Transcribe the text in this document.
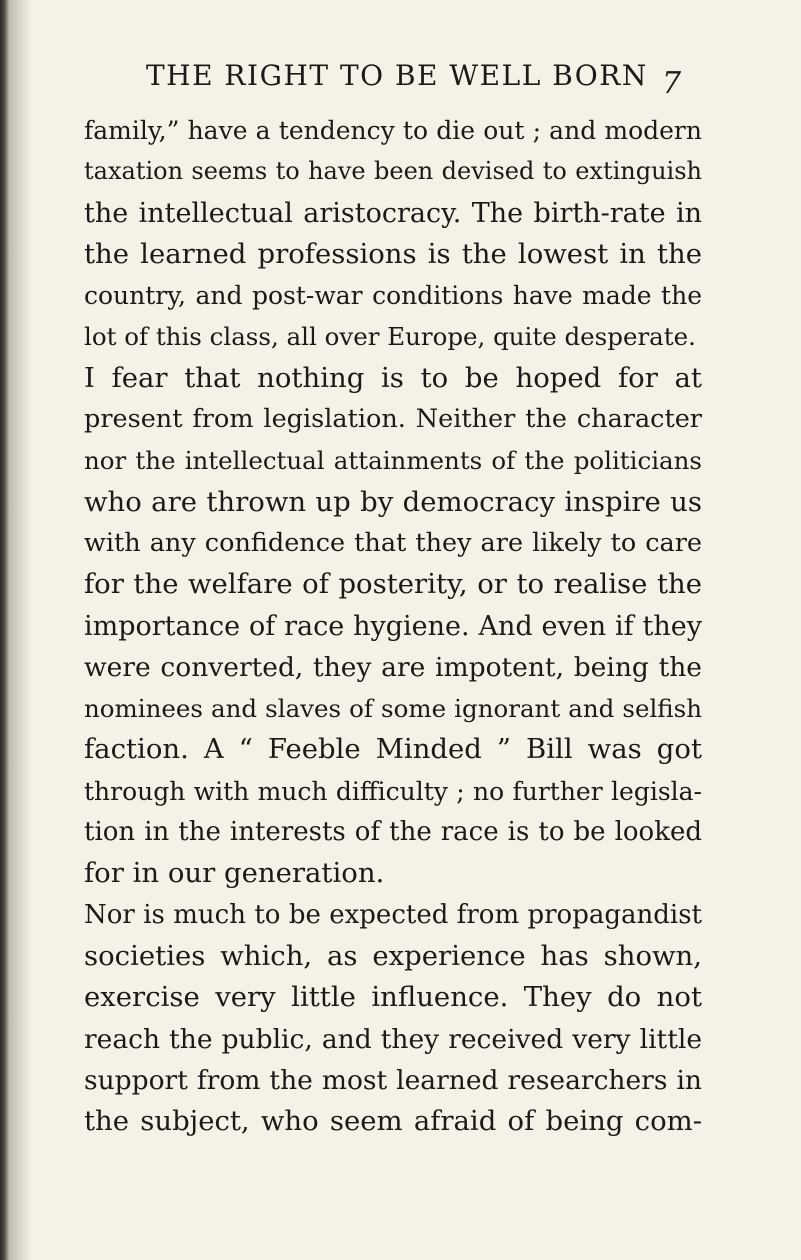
THE RIGHT TO BE WELL BORN 7
family,” have a tendency to die out ; and modern
taxation seems to have been devised to extinguish
the intellectual aristocracy. The birth-rate in
the learned professions is the lowest in the
country, and post-war conditions have made the
lot of this class, all over Europe, quite desperate.
I fear that nothing is to be hoped for at
present from legislation. Neither the character
nor the intellectual attainments of the politicians
who are thrown up by democracy inspire us
with any confidence that they are likely to care
for the welfare of posterity, or to realise the
importance of race hygiene. And even if they
were converted, they are impotent, being the
nominees and slaves of some ignorant and selfish
faction. A “ Feeble Minded ” Bill was got
through with much difficulty ; no further legisla-
tion in the interests of the race is to be looked
for in our generation.
Nor is much to be expected from propagandist
societies which, as experience has shown,
exercise very little influence. They do not
reach the public, and they received very little
support from the most learned researchers in
the subject, who seem afraid of being com-
